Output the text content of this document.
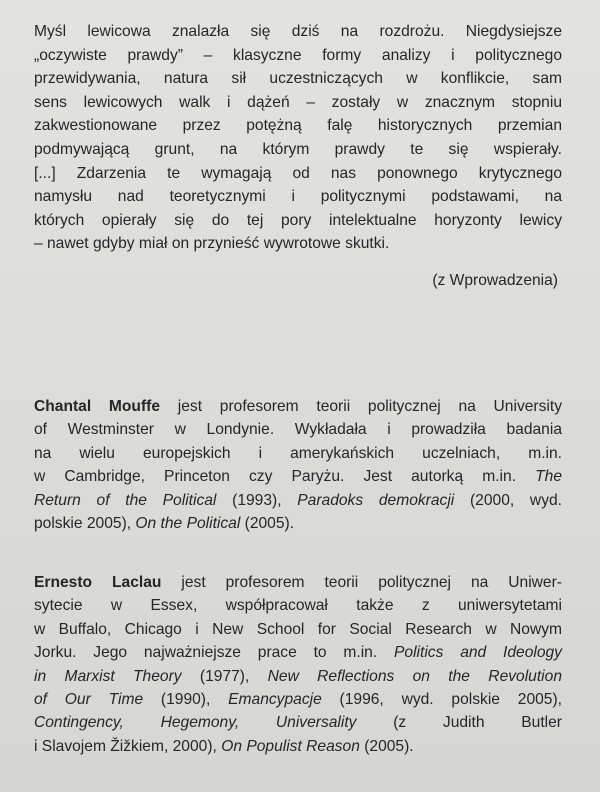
Myśl lewicowa znalazła się dziś na rozdrożu. Niegdysiejsze
„oczywiste prawdy” – klasyczne formy analizy i politycznego
przewidywania, natura sił uczestniczących w konflikcie, sam
sens lewicowych walk i dążeń – zostały w znacznym stopniu
zakwestionowane przez potężną falę historycznych przemian
podmywającą grunt, na którym prawdy te się wspierały.
[...] Zdarzenia te wymagają od nas ponownego krytycznego
namysłu nad teoretycznymi i politycznymi podstawami, na
których opierały się do tej pory intelektualne horyzonty lewicy
– nawet gdyby miał on przynieść wywrotowe skutki.
(z Wprowadzenia)
Chantal Mouffe jest profesorem teorii politycznej na University
of Westminster w Londynie. Wykładała i prowadziła badania
na wielu europejskich i amerykańskich uczelniach, m.in.
w Cambridge, Princeton czy Paryżu. Jest autorką m.in. The
Return of the Political (1993), Paradoks demokracji (2000, wyd.
polskie 2005), On the Political (2005).
Ernesto Laclau jest profesorem teorii politycznej na Uniwer-
sytecie w Essex, współpracował także z uniwersytetami
w Buffalo, Chicago i New School for Social Research w Nowym
Jorku. Jego najważniejsze prace to m.in. Politics and Ideology
in Marxist Theory (1977), New Reflections on the Revolution
of Our Time (1990), Emancypacje (1996, wyd. polskie 2005),
Contingency, Hegemony, Universality (z Judith Butler
i Slavojem Žižkiem, 2000), On Populist Reason (2005).
